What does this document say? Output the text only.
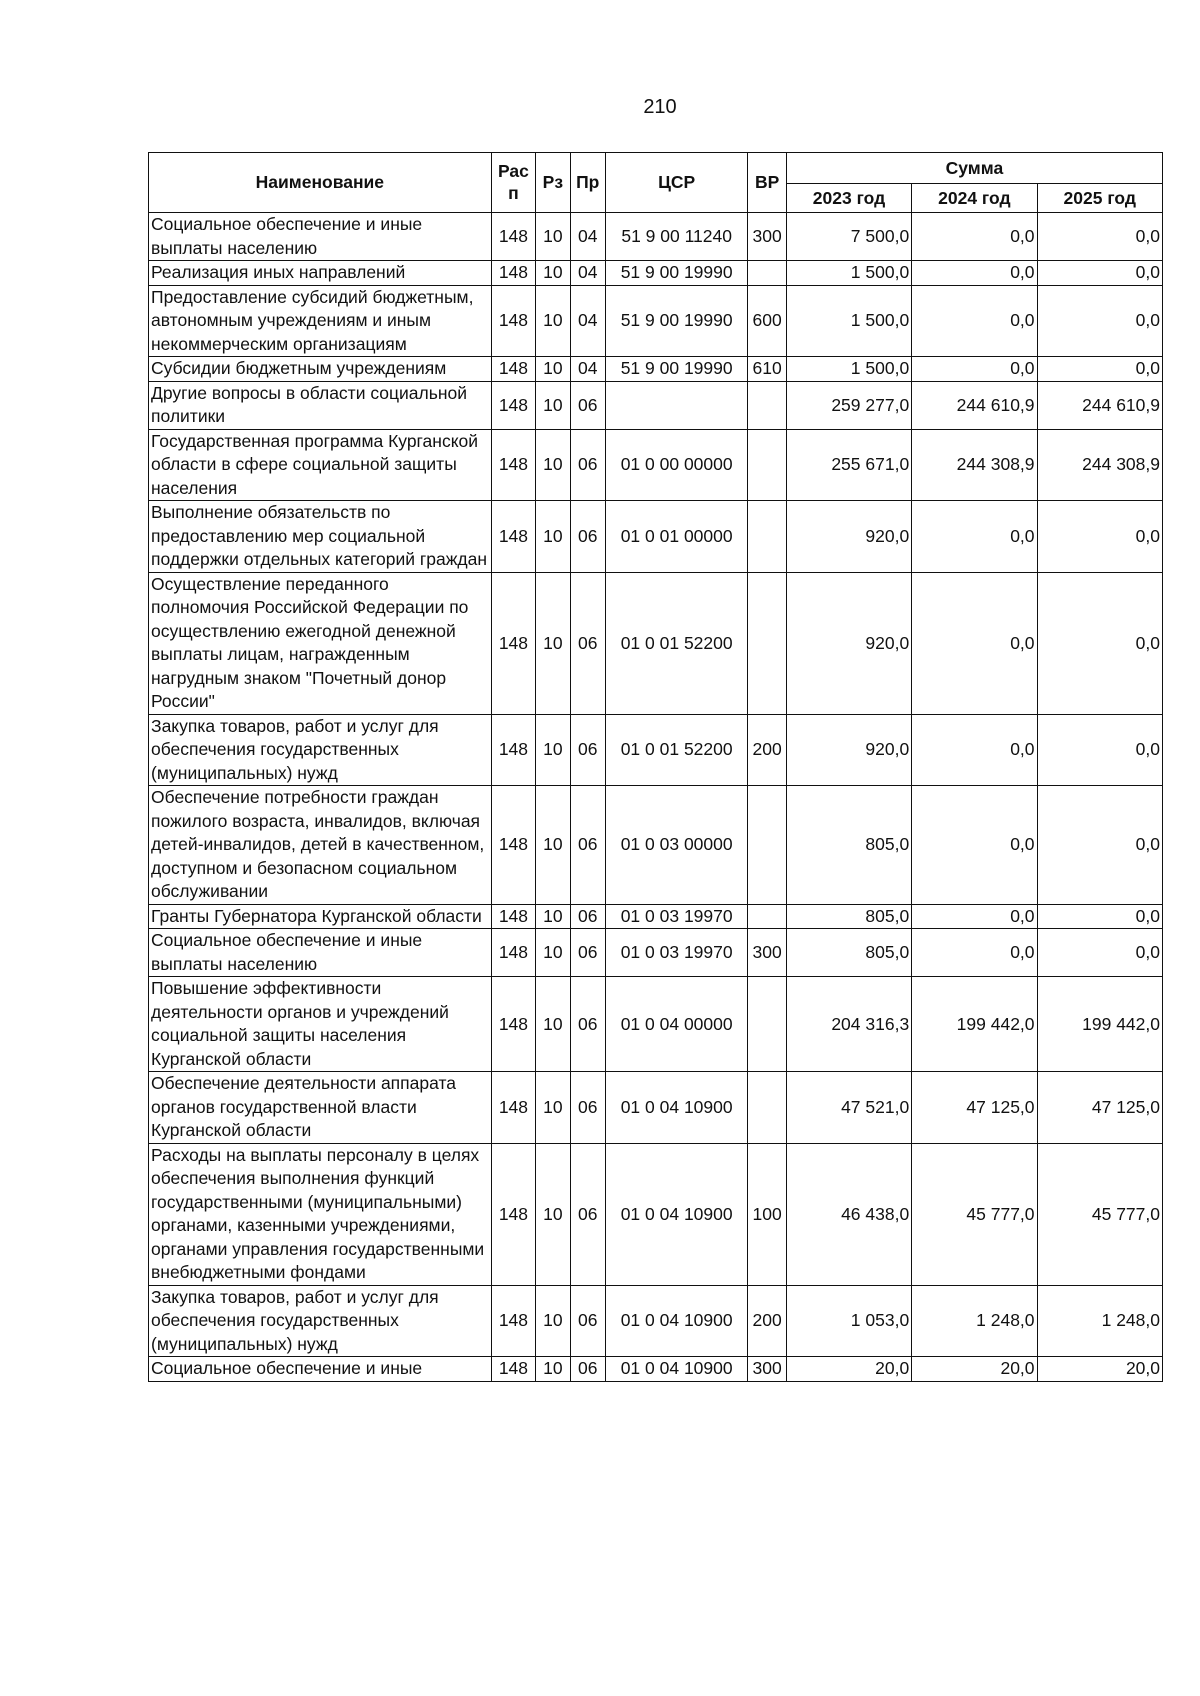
210
Наименование	Рас п	Рз	Пр	ЦСР	ВР	Сумма		
						2023 год	2024 год	2025 год
Социальное обеспечение и иные выплаты населению	148	10	04	51 9 00 11240	300	7 500,0	0,0	0,0
Реализация иных направлений	148	10	04	51 9 00 19990		1 500,0	0,0	0,0
Предоставление субсидий бюджетным, автономным учреждениям и иным некоммерческим организациям	148	10	04	51 9 00 19990	600	1 500,0	0,0	0,0
Субсидии бюджетным учреждениям	148	10	04	51 9 00 19990	610	1 500,0	0,0	0,0
Другие вопросы в области социальной политики	148	10	06			259 277,0	244 610,9	244 610,9
Государственная программа Курганской области в сфере социальной защиты населения	148	10	06	01 0 00 00000		255 671,0	244 308,9	244 308,9
Выполнение обязательств по предоставлению мер социальной поддержки отдельных категорий граждан	148	10	06	01 0 01 00000		920,0	0,0	0,0
Осуществление переданного полномочия Российской Федерации по осуществлению ежегодной денежной выплаты лицам, награжденным нагрудным знаком "Почетный донор России"	148	10	06	01 0 01 52200		920,0	0,0	0,0
Закупка товаров, работ и услуг для обеспечения государственных (муниципальных) нужд	148	10	06	01 0 01 52200	200	920,0	0,0	0,0
Обеспечение потребности граждан пожилого возраста, инвалидов, включая детей-инвалидов, детей в качественном, доступном и безопасном социальном обслуживании	148	10	06	01 0 03 00000		805,0	0,0	0,0
Гранты Губернатора Курганской области	148	10	06	01 0 03 19970		805,0	0,0	0,0
Социальное обеспечение и иные выплаты населению	148	10	06	01 0 03 19970	300	805,0	0,0	0,0
Повышение эффективности деятельности органов и учреждений социальной защиты населения Курганской области	148	10	06	01 0 04 00000		204 316,3	199 442,0	199 442,0
Обеспечение деятельности аппарата органов государственной власти Курганской области	148	10	06	01 0 04 10900		47 521,0	47 125,0	47 125,0
Расходы на выплаты персоналу в целях обеспечения выполнения функций государственными (муниципальными) органами, казенными учреждениями, органами управления государственными внебюджетными фондами	148	10	06	01 0 04 10900	100	46 438,0	45 777,0	45 777,0
Закупка товаров, работ и услуг для обеспечения государственных (муниципальных) нужд	148	10	06	01 0 04 10900	200	1 053,0	1 248,0	1 248,0
Социальное обеспечение и иные	148	10	06	01 0 04 10900	300	20,0	20,0	20,0
